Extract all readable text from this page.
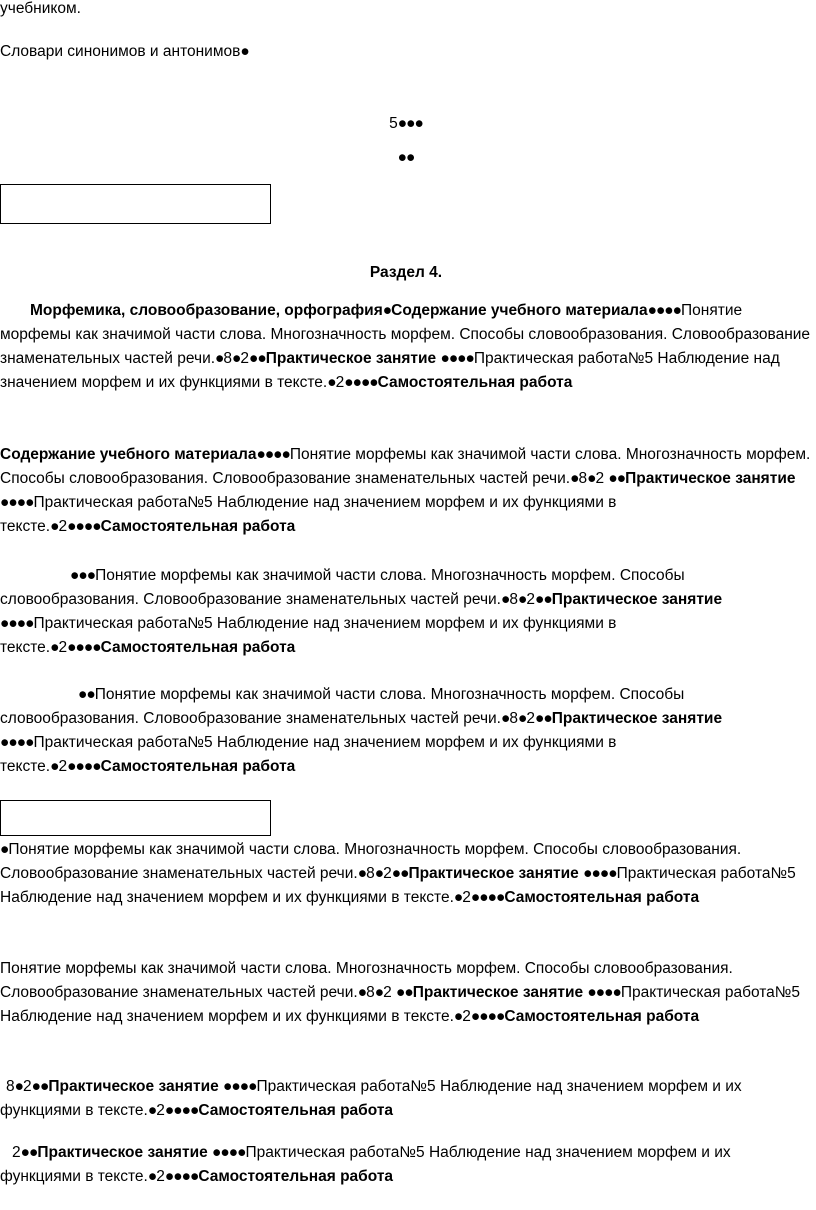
учебником.

Словари синонимов и антонимов●

5●●●

●●

Раздел 4.

Морфемика, словообразование, орфография●Содержание учебного материала●●●●Понятие морфемы как значимой части слова. Многозначность морфем. Способы словообразования. Словообразование знаменательных частей речи.●8●2●●Практическое занятие ●●●●Практическая работа№5 Наблюдение над значением морфем и их функциями в тексте.●2●●●●Самостоятельная работа

Содержание учебного материала●●●●Понятие морфемы как значимой части слова. Многозначность морфем. Способы словообразования. Словообразование знаменательных частей речи.●8●2 ●●Практическое занятие ●●●●Практическая работа№5 Наблюдение над значением морфем и их функциями в тексте.●2●●●●Самостоятельная работа

●●●Понятие морфемы как значимой части слова. Многозначность морфем. Способы словообразования. Словообразование знаменательных частей речи.●8●2●●Практическое занятие ●●●●Практическая работа№5 Наблюдение над значением морфем и их функциями в тексте.●2●●●●Самостоятельная работа

●●Понятие морфемы как значимой части слова. Многозначность морфем. Способы словообразования. Словообразование знаменательных частей речи.●8●2●●Практическое занятие ●●●●Практическая работа№5 Наблюдение над значением морфем и их функциями в тексте.●2●●●●Самостоятельная работа

●Понятие морфемы как значимой части слова. Многозначность морфем. Способы словообразования. Словообразование знаменательных частей речи.●8●2●●Практическое занятие ●●●●Практическая работа№5 Наблюдение над значением морфем и их функциями в тексте.●2●●●●Самостоятельная работа

Понятие морфемы как значимой части слова. Многозначность морфем. Способы словообразования. Словообразование знаменательных частей речи.●8●2 ●●Практическое занятие ●●●●Практическая работа№5 Наблюдение над значением морфем и их функциями в тексте.●2●●●●Самостоятельная работа

8●2●●Практическое занятие ●●●●Практическая работа№5 Наблюдение над значением морфем и их функциями в тексте.●2●●●●Самостоятельная работа

2●●Практическое занятие ●●●●Практическая работа№5 Наблюдение над значением морфем и их функциями в тексте.●2●●●●Самостоятельная работа
